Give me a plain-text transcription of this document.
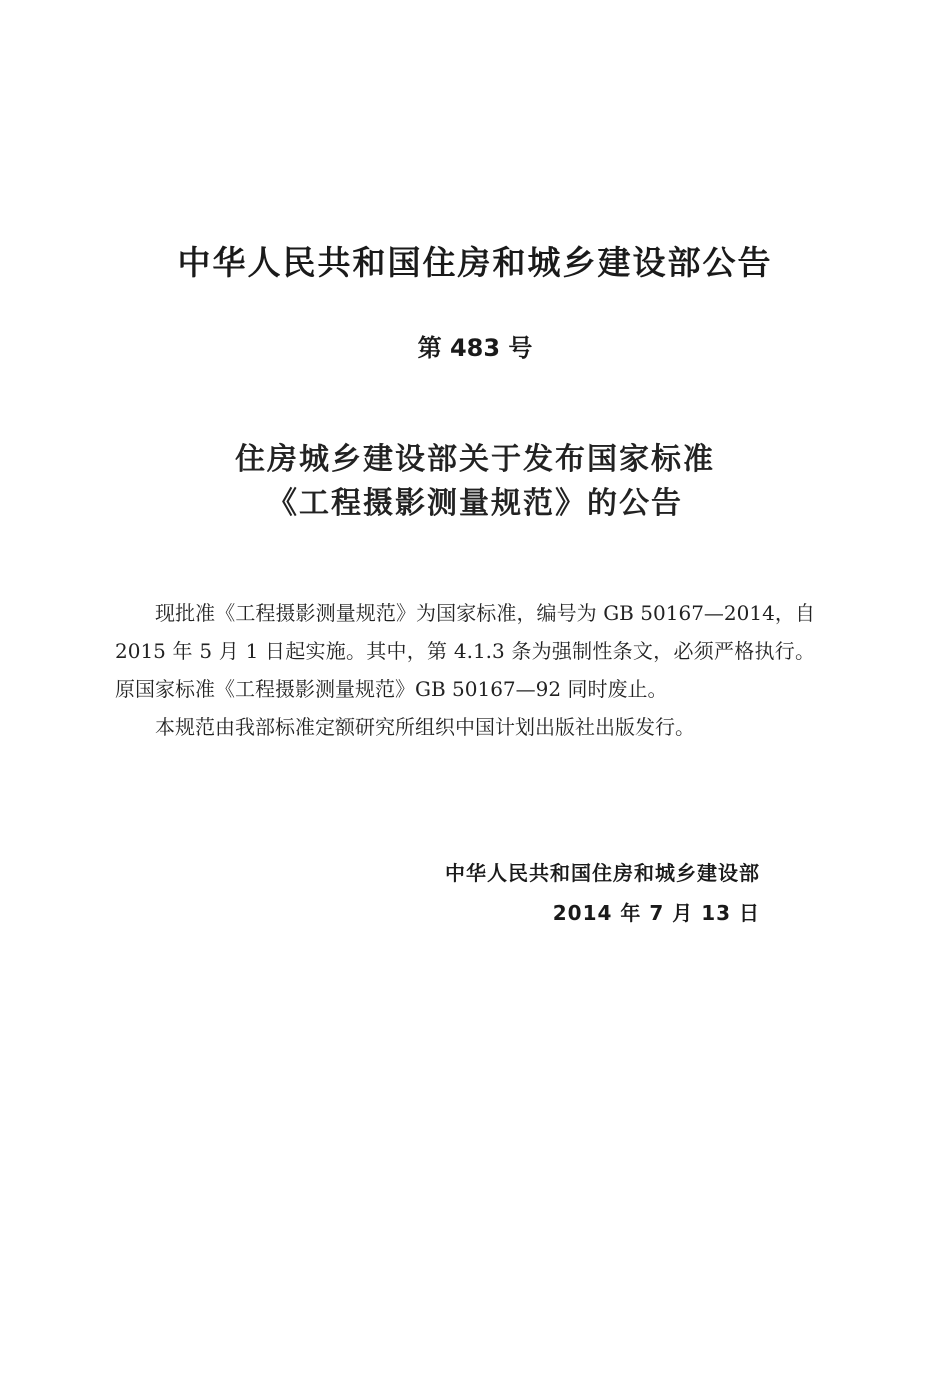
中华人民共和国住房和城乡建设部公告
第 483 号
住房城乡建设部关于发布国家标准
《工程摄影测量规范》的公告

现批准《工程摄影测量规范》为国家标准，编号为 GB 50167—2014，自 2015 年 5 月 1 日起实施。其中，第 4.1.3 条为强制性条文，必须严格执行。原国家标准《工程摄影测量规范》GB 50167—92 同时废止。

本规范由我部标准定额研究所组织中国计划出版社出版发行。

中华人民共和国住房和城乡建设部
2014 年 7 月 13 日
